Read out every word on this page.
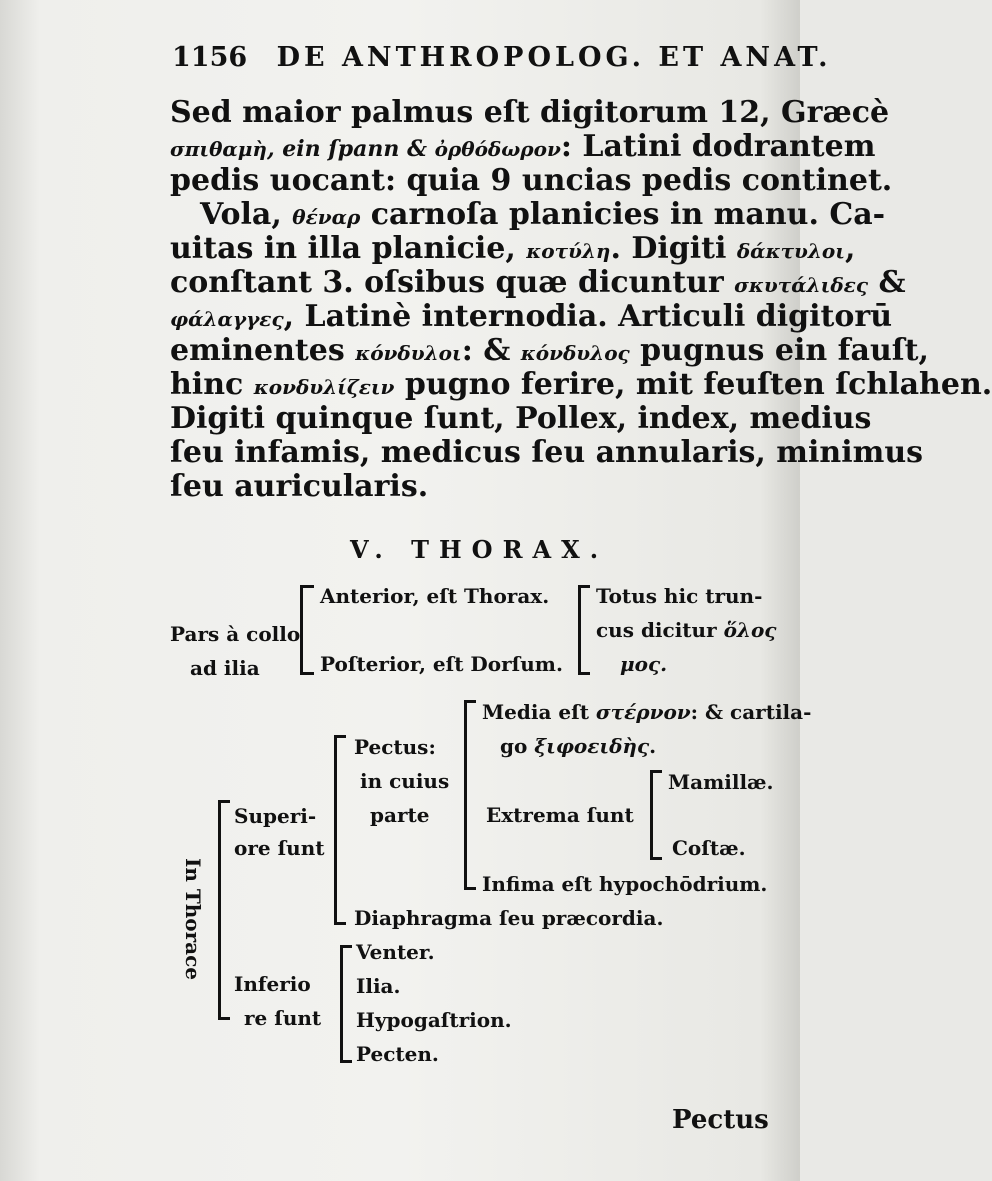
1156 DE ANTHROPOLOG. ET ANAT.
Sed maior palmus eſt digitorum 12, Græcè
σπιθαμὴ, ein ſpann & ὀρθόδωρον: Latini dodrantem
pedis uocant: quia 9 uncias pedis continet.
Vola, θέναρ carnoſa planicies in manu. Ca-
uitas in illa planicie, κοτύλη. Digiti δάκτυλοι,
conſtant 3. oſsibus quæ dicuntur σκυτάλιδες &
φάλαγγες, Latinè internodia. Articuli digitorū
eminentes κόνδυλοι: & κόνδυλος pugnus ein fauſt,
hinc κονδυλίζειν pugno ferire, mit feuſten ſchlahen.
Digiti quinque ſunt, Pollex, index, medius
ſeu infamis, medicus ſeu annularis, minimus
ſeu auricularis.
V. THORAX.
Pars à collo
ad ilia
Anterior, eſt Thorax.
Poſterior, eſt Dorſum.
Totus hic trun-
cus dicitur ὅλος
μος.
In Thorace
Superi-
ore ſunt
Inferio
re ſunt
Pectus:
in cuius
parte
Media eſt στέρνον: & cartila-
go ξιφοειδὴς.
Extrema ſunt
Mamillæ.
Coſtæ.
Infima eſt hypochōdrium.
Diaphragma ſeu præcordia.
Venter.
Ilia.
Hypogaſtrion.
Pecten.
Pectus
